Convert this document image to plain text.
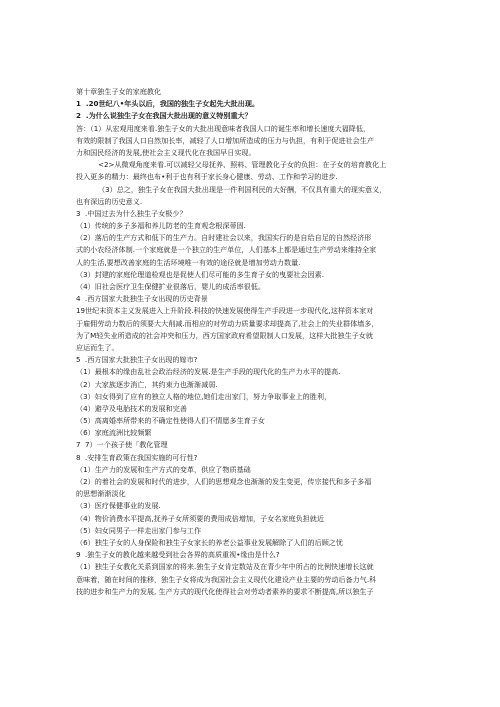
第十章独生子女的家庭教化
1  .20世纪八•年头以后，我国的独生子女起先大批出现。
2  .为什么说独生子女在我国大批出现的意义特别重大？
答：（1）从宏观用度来看.独生子女的大批出现意味者我国人口的诞生率和增长速度大福降低，
有效的限制了我国人口自然加长率，减轻了人口增加所造成的压力与仇担，有利于促进社会生产
力和国民经济的发展,使社会主义现代化在我国早日实现。
<2>从微观角度来看.可以减轻父母抚养、照料、管理教化子女的负担：在子女的培育教化上
投入更多的精力：最终也布•利于也有利于家长身心健康、劳动、工作和学习的进步.
（3）总之，独生子女在我国大批出现是一件利国利民的大好酬，不仅具有重大的现实意义，
也有深远的历史意义.
3  .中国过去为什么独生子女极少？
（1）传统的多子多福和养儿防老的生育观念根深蒂固.
（2）落后的生产方式和低下的生产力。自时建社会以来，我国实行的是自给自足的自然经济形
式的小农经济体制.一个家庭就是一个独立的生产单位，人们基本上都是通过生产劳动来维持全家
人的生活,要想改善家庭的生活环境唯一有效的途径就是增加劳动力数量.
（3）封建的家庭伦理道检观也是促使人们尽可能的多生育子女的曳要社会因素.
（4）旧社会医疗卫生保健扩业很落后，婴儿的成活率很低。
4  .西方国家大批独生子女出现的历史背景
19世纪末资本主义发展进入上升阶段.科技的快速发展使得生产手段进一步现代化,这样资本家对
于雇佣劳动力数后的须要大大削减.而相应的对劳动力质量要求却提高了,社会上的失业群体墙多，
为了M轻失业所造成的社会冲突和压力，西方国家政府希望限制人口发展，这样大批独生子女就
应运而生了。
5  .西方国家大批独生子女出现的嫁市?
（1）最根本的缘由乱社会政治经济的发展.是生产手段的现代化的生产力水平的提高.
（2）大家族逐步消亡，其约束力也渐渐减弱.
（3）妇女得到了应有的独立人格的地位,她们走出家门，努力争取事业上的胜利，
（4）避孕及电胎技术的发展和完善
（5）高离婚率所带来的不确定性使得人们不情愿多生育子女
（6）家庭流洲比较频繁
7  7）一个孩子使「教化管理
8  .安排生育政策在我国实施的可行性?
（1）生产力的发展和生产方式的变革，供应了物质基础
（2）的着社会的发展和时代的进步，人们的思想观念也渐渐的发生变更，传宗接代和多子多福
的思想渐渐淡化
（3）医疗保健事业的发展.
（4）物价消费水平提高,抚养子女所须要的费用成倍增加，子女名家庭负担就近
（5）妇女同男子一样走出家门参与工作
（6）独生子女的人身保险和独生子女家长的养老公益事业发展解除了人们的后顾之忧
9  .独生子女的教化越来越受到社会各界的高质重视•缘由是什么?
（1）独生子女教化关系到国家的将来.独生子女肯定数站及在青少年中所占的比例快速增长这就
意味着，随在时间的推移，独生子女将成为我国社会主义现代化建设产业主要的劳动后备力气.科
技的进步和生产力的发展, 生产方式的现代化使得社会对劳动者素养的要求不断提高,所以独生子
